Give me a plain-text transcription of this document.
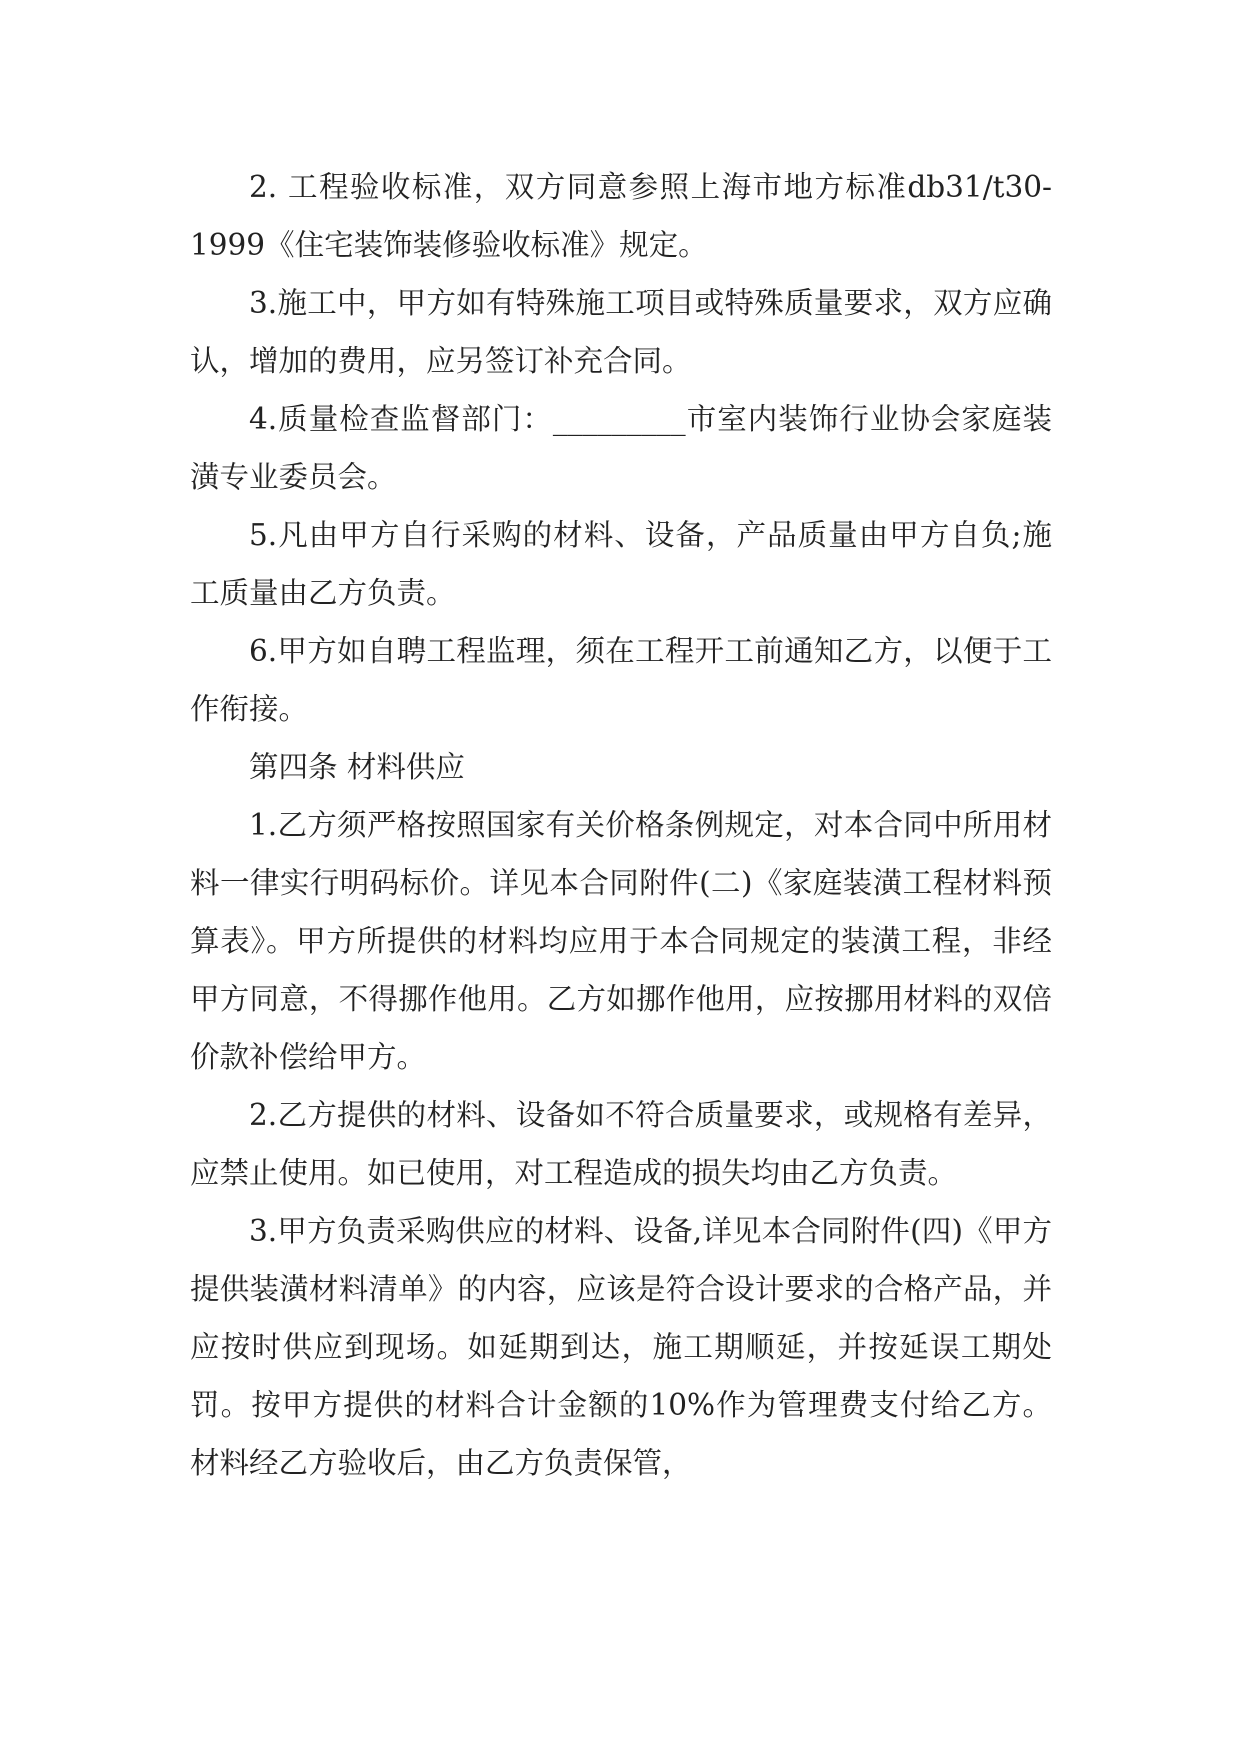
2. 工程验收标准，双方同意参照上海市地方标准db31/t30-1999《住宅装饰装修验收标准》规定。

3.施工中，甲方如有特殊施工项目或特殊质量要求，双方应确认，增加的费用，应另签订补充合同。

4.质量检查监督部门：_________市室内装饰行业协会家庭装潢专业委员会。

5.凡由甲方自行采购的材料、设备，产品质量由甲方自负;施工质量由乙方负责。

6.甲方如自聘工程监理，须在工程开工前通知乙方，以便于工作衔接。

第四条 材料供应

1.乙方须严格按照国家有关价格条例规定，对本合同中所用材料一律实行明码标价。详见本合同附件(二)《家庭装潢工程材料预算表》。甲方所提供的材料均应用于本合同规定的装潢工程，非经甲方同意，不得挪作他用。乙方如挪作他用，应按挪用材料的双倍价款补偿给甲方。

2.乙方提供的材料、设备如不符合质量要求，或规格有差异，应禁止使用。如已使用，对工程造成的损失均由乙方负责。

3.甲方负责采购供应的材料、设备,详见本合同附件(四)《甲方提供装潢材料清单》的内容，应该是符合设计要求的合格产品，并应按时供应到现场。如延期到达，施工期顺延，并按延误工期处罚。按甲方提供的材料合计金额的10%作为管理费支付给乙方。材料经乙方验收后，由乙方负责保管，
